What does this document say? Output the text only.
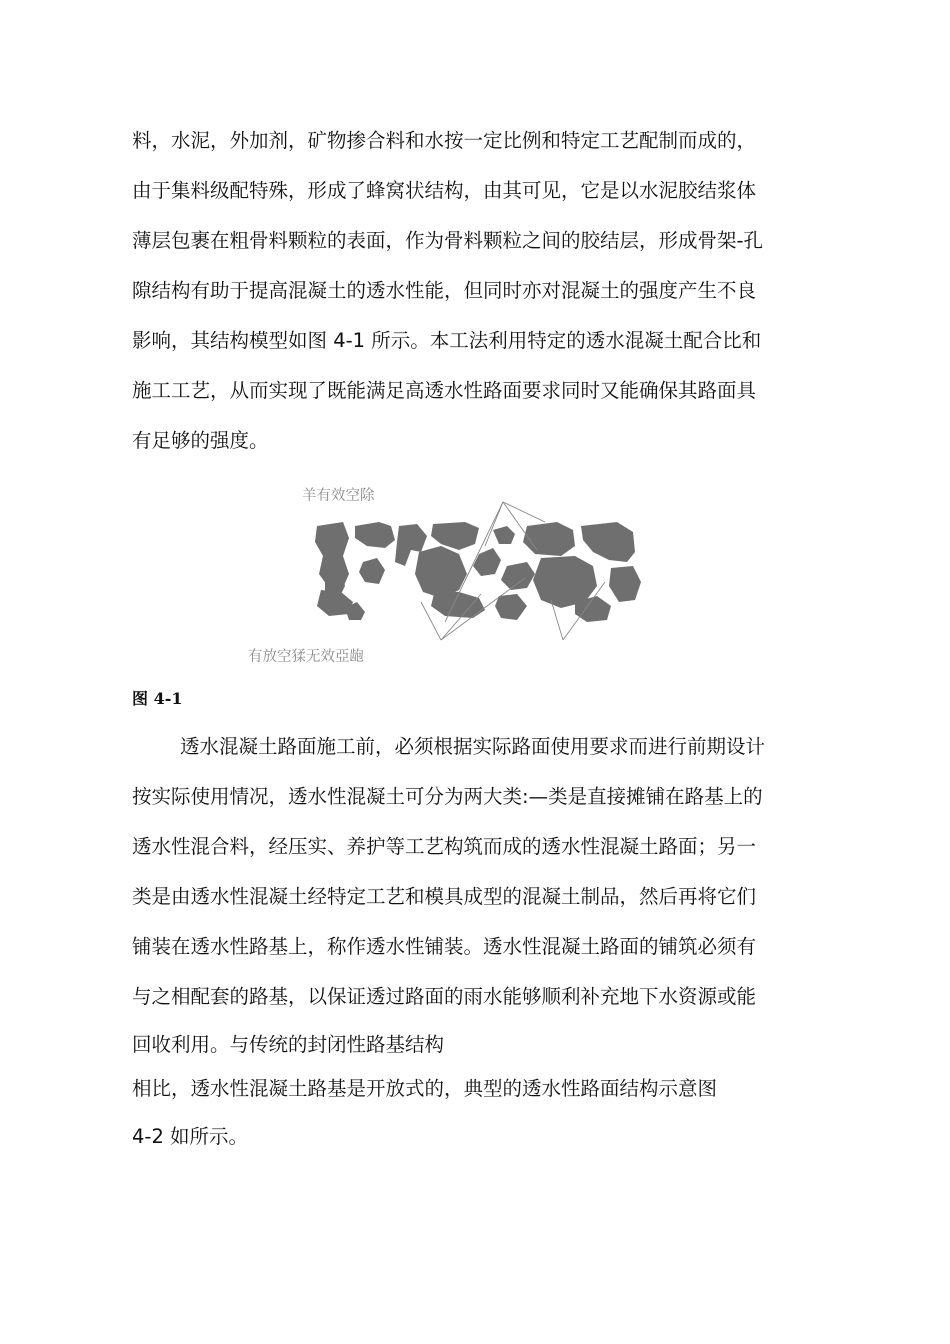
料，水泥，外加剂，矿物掺合料和水按一定比例和特定工艺配制而成的，
由于集料级配特殊，形成了蜂窝状结构，由其可见，它是以水泥胶结浆体
薄层包裹在粗骨料颗粒的表面，作为骨料颗粒之间的胶结层，形成骨架-孔
隙结构有助于提高混凝土的透水性能，但同时亦对混凝土的强度产生不良
影响，其结构模型如图 4-1 所示。本工法利用特定的透水混凝土配合比和
施工工艺，从而实现了既能满足高透水性路面要求同时又能确保其路面具
有足够的强度。
羊有效空除
有放空猱无效亞龅
图 4-1
透水混凝土路面施工前，必须根据实际路面使用要求而进行前期设计
按实际使用情况，透水性混凝土可分为两大类:—类是直接摊铺在路基上的
透水性混合料，经压实、养护等工艺构筑而成的透水性混凝土路面；另一
类是由透水性混凝土经特定工艺和模具成型的混凝土制品，然后再将它们
铺装在透水性路基上，称作透水性铺装。透水性混凝土路面的铺筑必须有
与之相配套的路基，以保证透过路面的雨水能够顺利补充地下水资源或能
回收利用。与传统的封闭性路基结构
相比，透水性混凝土路基是开放式的，典型的透水性路面结构示意图
4-2 如所示。
